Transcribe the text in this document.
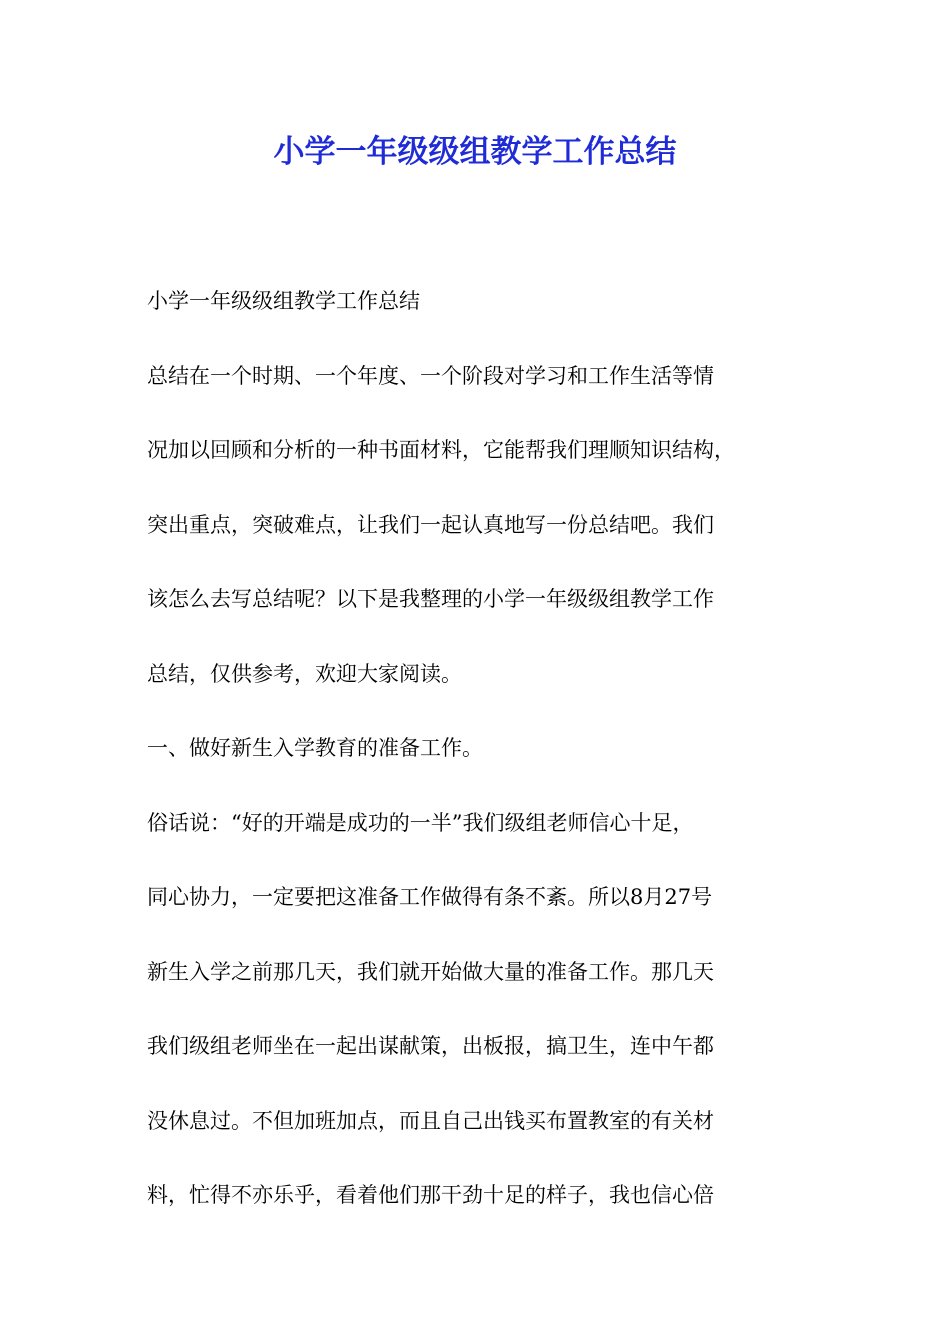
小学一年级级组教学工作总结
小学一年级级组教学工作总结
总结在一个时期、一个年度、一个阶段对学习和工作生活等情
况加以回顾和分析的一种书面材料，它能帮我们理顺知识结构，
突出重点，突破难点，让我们一起认真地写一份总结吧。我们
该怎么去写总结呢？以下是我整理的小学一年级级组教学工作
总结，仅供参考，欢迎大家阅读。
一、做好新生入学教育的准备工作。
俗话说：“好的开端是成功的一半”我们级组老师信心十足，
同心协力，一定要把这准备工作做得有条不紊。所以8月27号
新生入学之前那几天，我们就开始做大量的准备工作。那几天
我们级组老师坐在一起出谋献策，出板报，搞卫生，连中午都
没休息过。不但加班加点，而且自己出钱买布置教室的有关材
料，忙得不亦乐乎，看着他们那干劲十足的样子，我也信心倍
